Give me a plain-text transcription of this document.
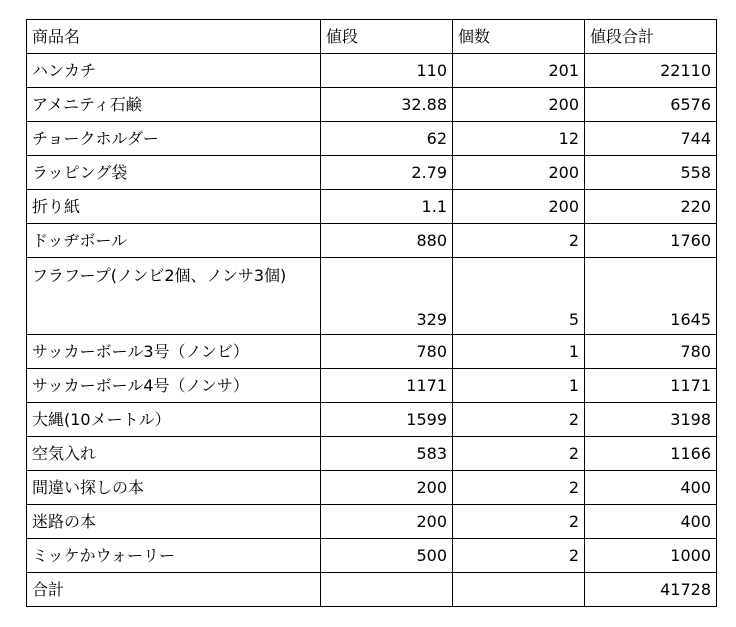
商品名	値段	個数	値段合計
ハンカチ	110	201	22110
アメニティ石鹸	32.88	200	6576
チョークホルダー	62	12	744
ラッピング袋	2.79	200	558
折り紙	1.1	200	220
ドッヂボール	880	2	1760
フラフープ(ノンビ2個、ノンサ3個)	329	5	1645
サッカーボール3号（ノンビ）	780	1	780
サッカーボール4号（ノンサ）	1171	1	1171
大縄(10メートル）	1599	2	3198
空気入れ	583	2	1166
間違い探しの本	200	2	400
迷路の本	200	2	400
ミッケかウォーリー	500	2	1000
合計			41728
